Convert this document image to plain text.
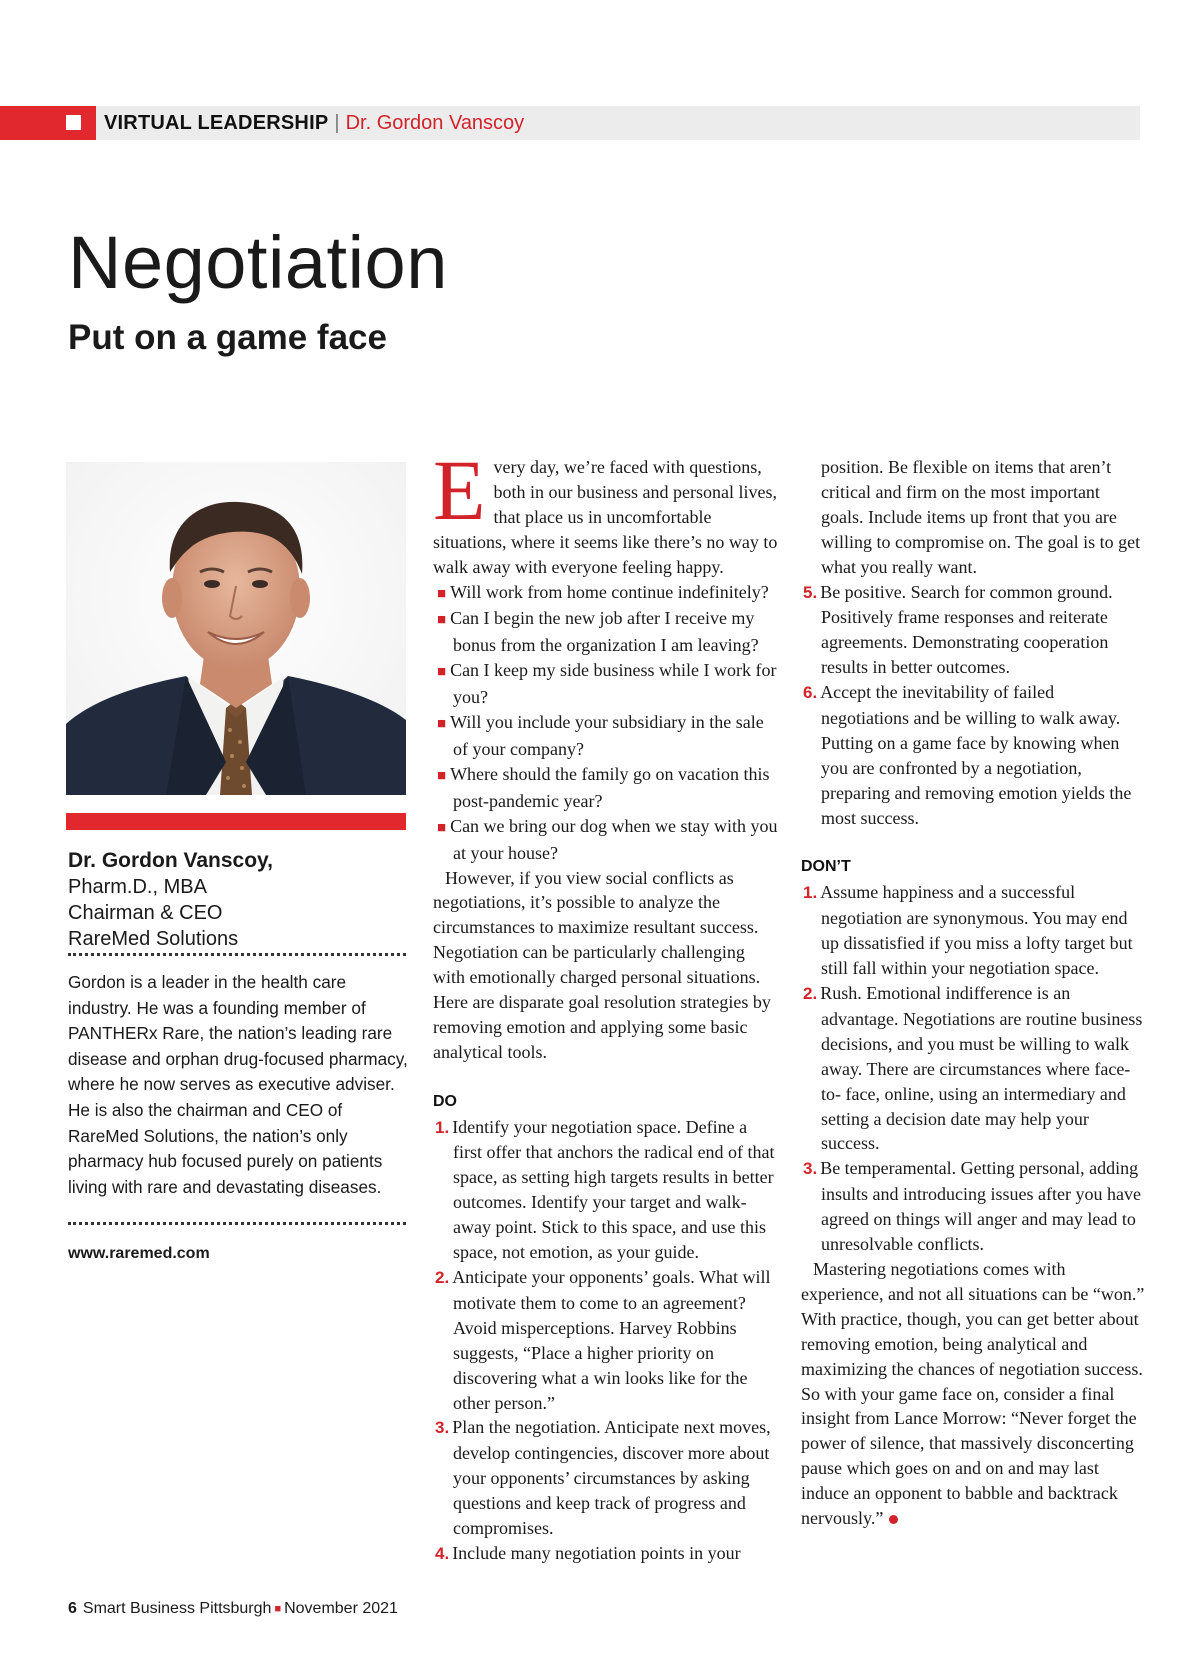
VIRTUAL LEADERSHIP | Dr. Gordon Vanscoy
Negotiation
Put on a game face
Dr. Gordon Vanscoy,
Pharm.D., MBA
Chairman & CEO
RareMed Solutions
Gordon is a leader in the health care industry. He was a founding member of PANTHERx Rare, the nation’s leading rare disease and orphan drug-focused pharmacy, where he now serves as executive adviser. He is also the chairman and CEO of RareMed Solutions, the nation’s only pharmacy hub focused purely on patients living with rare and devastating diseases.
www.raremed.com

Every day, we’re faced with questions, both in our business and personal lives, that place us in uncomfortable situations, where it seems like there’s no way to walk away with everyone feeling happy.

■ Will work from home continue indefinitely?

■ Can I begin the new job after I receive my bonus from the organization I am leaving?

■ Can I keep my side business while I work for you?

■ Will you include your subsidiary in the sale of your company?

■ Where should the family go on vacation this post-pandemic year?

■ Can we bring our dog when we stay with you at your house?

However, if you view social conflicts as negotiations, it’s possible to analyze the circumstances to maximize resultant success. Negotiation can be particularly challenging with emotionally charged personal situations. Here are disparate goal resolution strategies by removing emotion and applying some basic analytical tools.

DO

1. Identify your negotiation space. Define a first offer that anchors the radical end of that space, as setting high targets results in better outcomes. Identify your target and walk-away point. Stick to this space, and use this space, not emotion, as your guide.

2. Anticipate your opponents’ goals. What will motivate them to come to an agreement? Avoid misperceptions. Harvey Robbins suggests, “Place a higher priority on discovering what a win looks like for the other person.”

3. Plan the negotiation. Anticipate next moves, develop contingencies, discover more about your opponents’ circumstances by asking questions and keep track of progress and compromises.

4. Include many negotiation points in your

position. Be flexible on items that aren’t critical and firm on the most important goals. Include items up front that you are willing to compromise on. The goal is to get what you really want.

5. Be positive. Search for common ground. Positively frame responses and reiterate agreements. Demonstrating cooperation results in better outcomes.

6. Accept the inevitability of failed negotiations and be willing to walk away. Putting on a game face by knowing when you are confronted by a negotiation, preparing and removing emotion yields the most success.

DON’T

1. Assume happiness and a successful negotiation are synonymous. You may end up dissatisfied if you miss a lofty target but still fall within your negotiation space.

2. Rush. Emotional indifference is an advantage. Negotiations are routine business decisions, and you must be willing to walk away. There are circumstances where face-to- face, online, using an intermediary and setting a decision date may help your success.

3. Be temperamental. Getting personal, adding insults and introducing issues after you have agreed on things will anger and may lead to unresolvable conflicts.

Mastering negotiations comes with experience, and not all situations can be “won.” With practice, though, you can get better about removing emotion, being analytical and maximizing the chances of negotiation success. So with your game face on, consider a final insight from Lance Morrow: “Never forget the power of silence, that massively disconcerting pause which goes on and on and may last induce an opponent to babble and backtrack nervously.”

6 Smart Business Pittsburgh ■ November 2021
